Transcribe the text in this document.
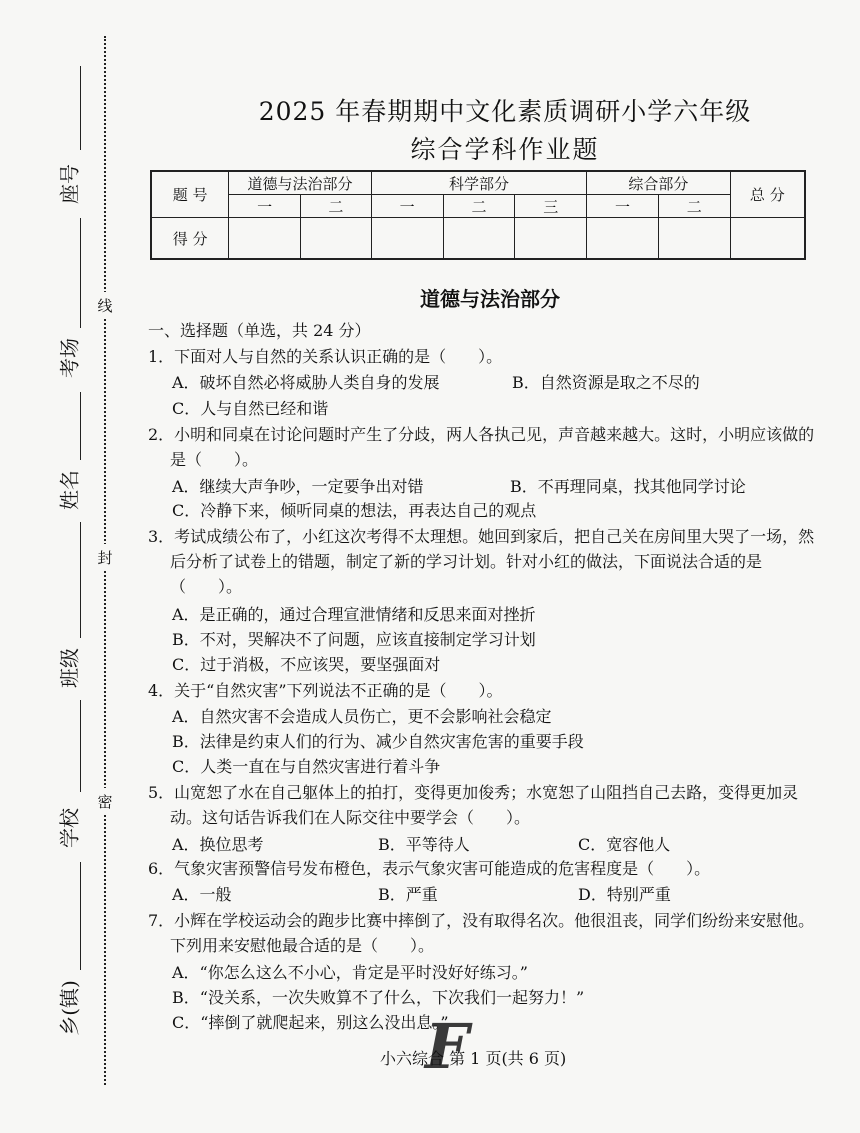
线
封
密
座号
考场
姓名
班级
学校
乡(镇)
2025 年春期期中文化素质调研小学六年级
综合学科作业题
题 号	道德与法治部分		科学部分			综合部分		总 分
	一	二	一	二	三	一	二	
得 分								
道德与法治部分
一、选择题（单选，共 24 分）
1．下面对人与自然的关系认识正确的是（　　）。
A．破坏自然必将威胁人类自身的发展	B．自然资源是取之不尽的
C．人与自然已经和谐
2．小明和同桌在讨论问题时产生了分歧，两人各执己见，声音越来越大。这时，小明应该做的是（　　）。
A．继续大声争吵，一定要争出对错	B．不再理同桌，找其他同学讨论
C．冷静下来，倾听同桌的想法，再表达自己的观点
3．考试成绩公布了，小红这次考得不太理想。她回到家后，把自己关在房间里大哭了一场，然后分析了试卷上的错题，制定了新的学习计划。针对小红的做法，下面说法合适的是（　　）。
A．是正确的，通过合理宣泄情绪和反思来面对挫折
B．不对，哭解决不了问题，应该直接制定学习计划
C．过于消极，不应该哭，要坚强面对
4．关于“自然灾害”下列说法不正确的是（　　）。
A．自然灾害不会造成人员伤亡，更不会影响社会稳定
B．法律是约束人们的行为、减少自然灾害危害的重要手段
C．人类一直在与自然灾害进行着斗争
5．山宽恕了水在自己躯体上的拍打，变得更加俊秀；水宽恕了山阻挡自己去路，变得更加灵动。这句话告诉我们在人际交往中要学会（　　）。
A．换位思考	B．平等待人	C．宽容他人
6．气象灾害预警信号发布橙色，表示气象灾害可能造成的危害程度是（　　）。
A．一般	B．严重	D．特别严重
7．小辉在学校运动会的跑步比赛中摔倒了，没有取得名次。他很沮丧，同学们纷纷来安慰他。下列用来安慰他最合适的是（　　）。
A．“你怎么这么不小心，肯定是平时没好好练习。”
B．“没关系，一次失败算不了什么，下次我们一起努力！”
C．“摔倒了就爬起来，别这么没出息。”
F
小六综合 第 1 页(共 6 页)
